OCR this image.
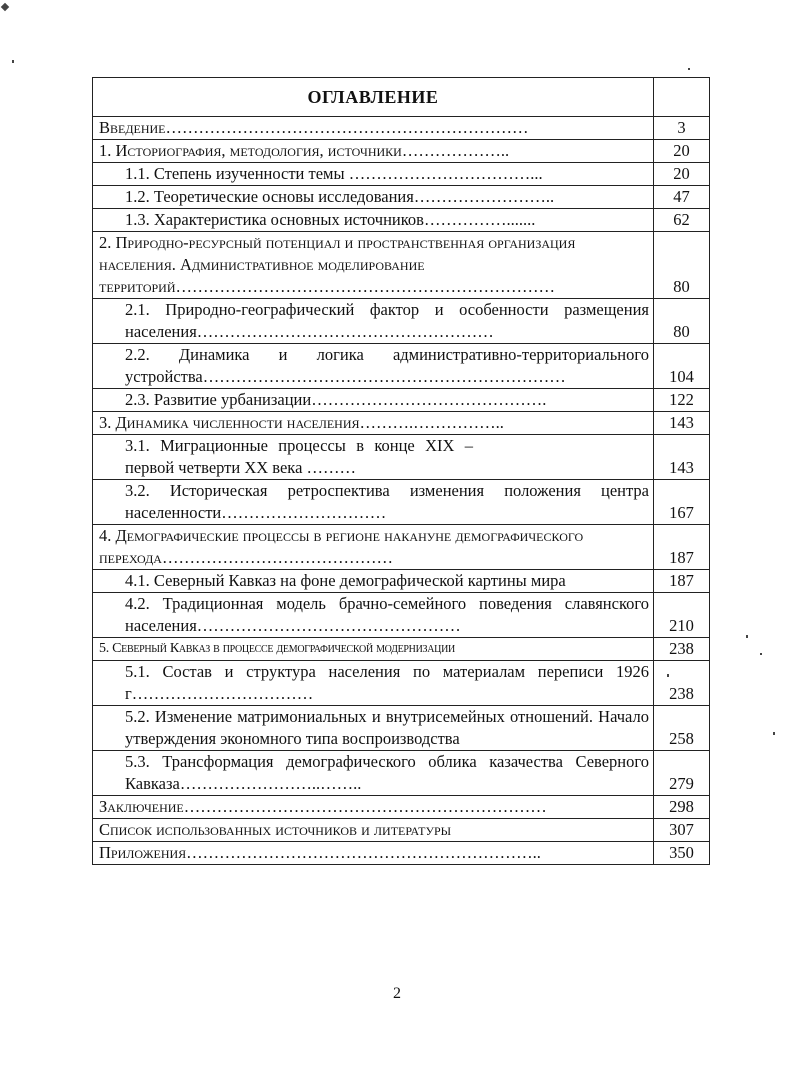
ОГЛАВЛЕНИЕ	
Введение…………………………………………………………	3
1. Историография, методология, источники………………..	20
1.1. Степень изученности темы ……………………………...	20
1.2. Теоретические основы исследования……………………..	47
1.3. Характеристика основных источников…………….......	62
2. Природно-ресурсный потенциал и пространственная организация населения. Административное моделирование территорий……………………………………………………………	80
2.1. Природно-географический фактор и особенности размещения населения………………………………………………	80
2.2. Динамика и логика административно-территориального устройства…………………………………………………………	104
2.3. Развитие урбанизации…………………………………….	122
3. Динамика численности населения……….……………..	143
3.1. Миграционные процессы в конце XIX – первой четверти XX века ………	143
3.2. Историческая ретроспектива изменения положения центра населенности…………………………	167
4. Демографические процессы в регионе накануне демографического перехода……………………………………	187
4.1. Северный Кавказ на фоне демографической картины мира	187
4.2. Традиционная модель брачно-семейного поведения славянского населения…………………………………………	210
5. Северный Кавказ в процессе демографической модернизации	238
5.1. Состав и структура населения по материалам переписи 1926 г……………………………	238
5.2. Изменение матримониальных и внутрисемейных отношений. Начало утверждения экономного типа воспроизводства	258
5.3. Трансформация демографического облика казачества Северного Кавказа……………………..……..	279
Заключение…………………………………………………………	298
Список использованных источников и литературы	307
Приложения………………………………………………………..	350
2
